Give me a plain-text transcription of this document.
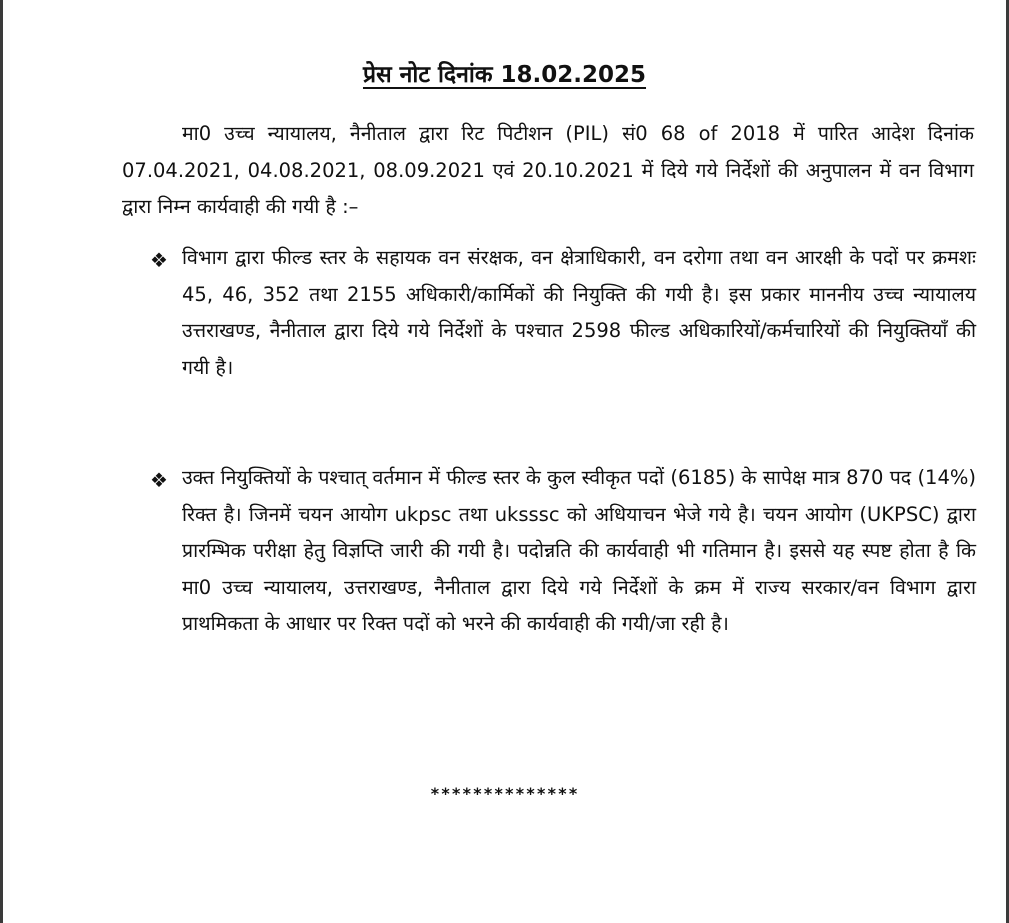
प्रेस नोट दिनांक 18.02.2025

मा0 उच्च न्यायालय, नैनीताल द्वारा रिट पिटीशन (PIL) सं0 68 of 2018 में पारित आदेश दिनांक 07.04.2021, 04.08.2021, 08.09.2021 एवं 20.10.2021 में दिये गये निर्देशों की अनुपालन में वन विभाग द्वारा निम्न कार्यवाही की गयी है :–

❖ विभाग द्वारा फील्ड स्तर के सहायक वन संरक्षक, वन क्षेत्राधिकारी, वन दरोगा तथा वन आरक्षी के पदों पर क्रमशः 45, 46, 352 तथा 2155 अधिकारी/कार्मिकों की नियुक्ति की गयी है। इस प्रकार माननीय उच्च न्यायालय उत्तराखण्ड, नैनीताल द्वारा दिये गये निर्देशों के पश्चात 2598 फील्ड अधिकारियों/कर्मचारियों की नियुक्तियाँ की गयी है।

❖ उक्त नियुक्तियों के पश्चात् वर्तमान में फील्ड स्तर के कुल स्वीकृत पदों (6185) के सापेक्ष मात्र 870 पद (14%) रिक्त है। जिनमें चयन आयोग ukpsc तथा uksssc को अधियाचन भेजे गये है। चयन आयोग (UKPSC) द्वारा प्रारम्भिक परीक्षा हेतु विज्ञप्ति जारी की गयी है। पदोन्नति की कार्यवाही भी गतिमान है। इससे यह स्पष्ट होता है कि मा0 उच्च न्यायालय, उत्तराखण्ड, नैनीताल द्वारा दिये गये निर्देशों के क्रम में राज्य सरकार/वन विभाग द्वारा प्राथमिकता के आधार पर रिक्त पदों को भरने की कार्यवाही की गयी/जा रही है।

**************
